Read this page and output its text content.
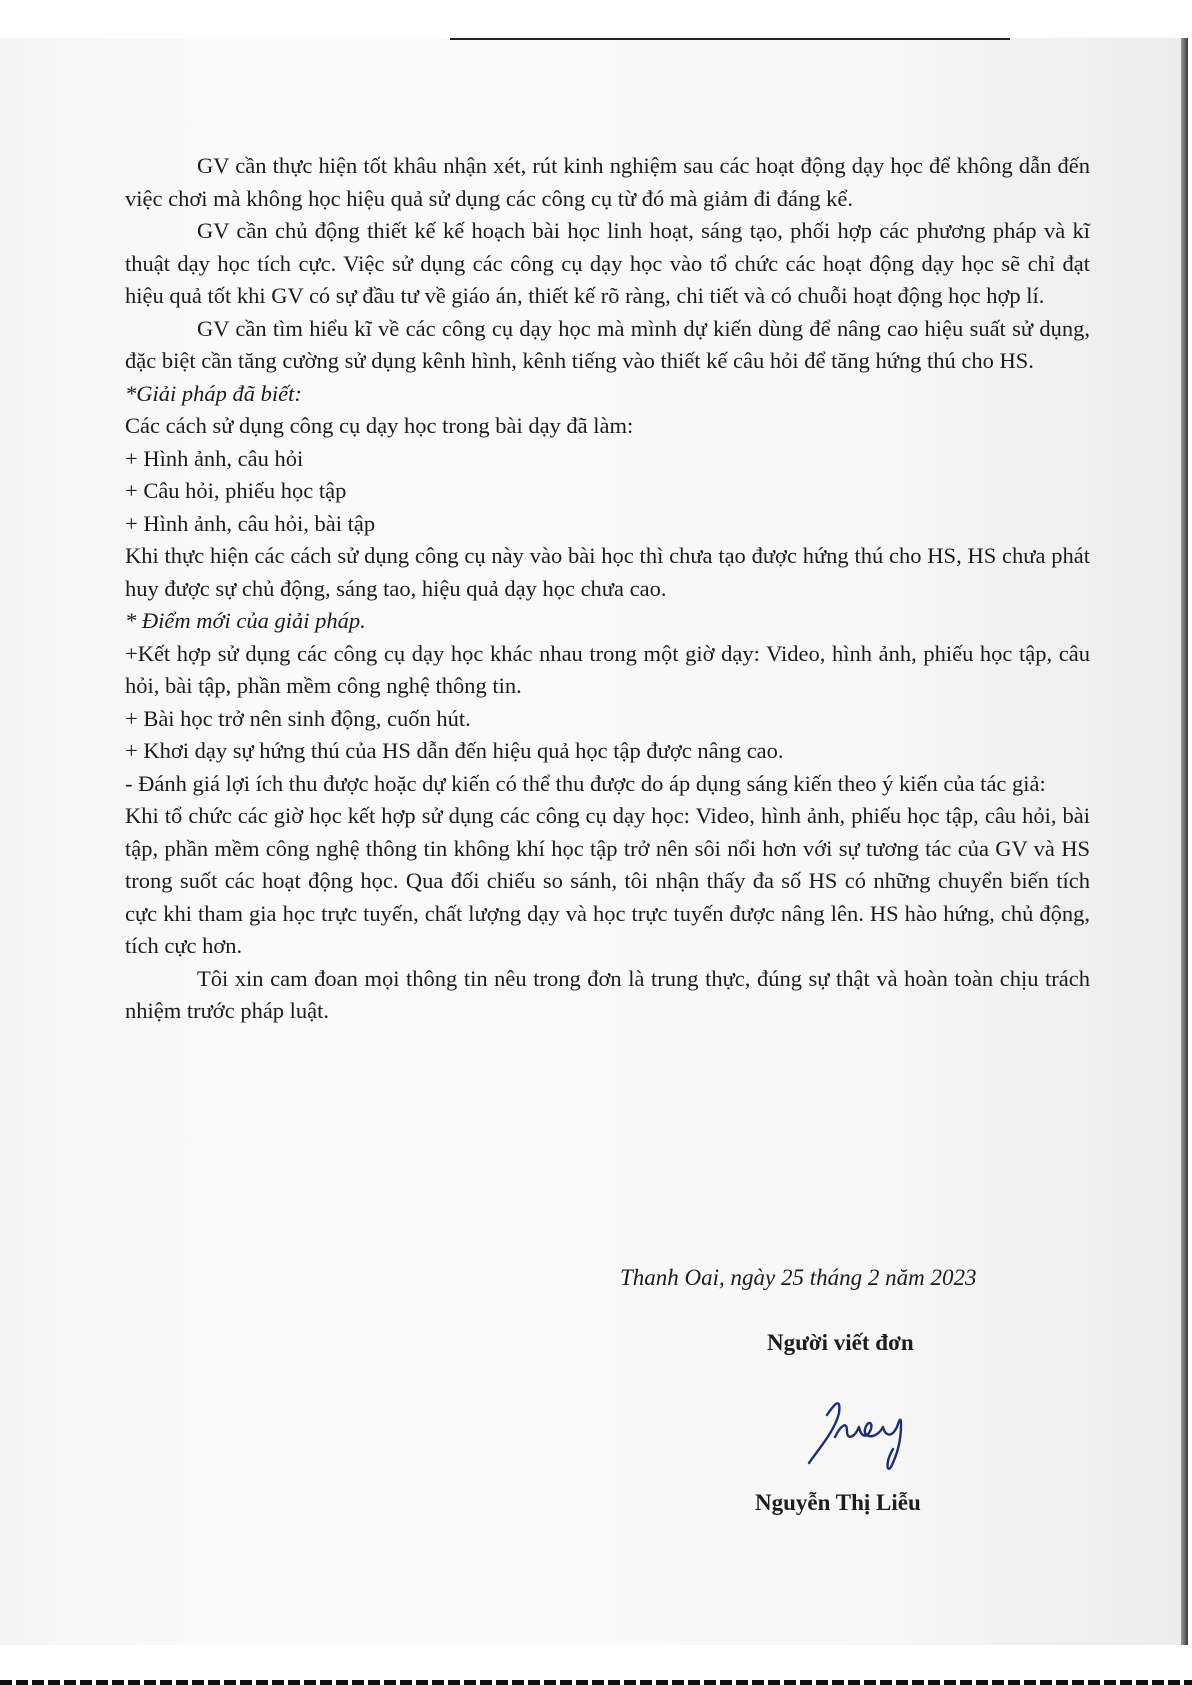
GV cần thực hiện tốt khâu nhận xét, rút kinh nghiệm sau các hoạt động dạy học để không dẫn đến việc chơi mà không học hiệu quả sử dụng các công cụ từ đó mà giảm đi đáng kể.

GV cần chủ động thiết kế kế hoạch bài học linh hoạt, sáng tạo, phối hợp các phương pháp và kĩ thuật dạy học tích cực. Việc sử dụng các công cụ dạy học vào tổ chức các hoạt động dạy học sẽ chỉ đạt hiệu quả tốt khi GV có sự đầu tư về giáo án, thiết kế rõ ràng, chi tiết và có chuỗi hoạt động học hợp lí.

GV cần tìm hiểu kĩ về các công cụ dạy học mà mình dự kiến dùng để nâng cao hiệu suất sử dụng, đặc biệt cần tăng cường sử dụng kênh hình, kênh tiếng vào thiết kế câu hỏi để tăng hứng thú cho HS.

*Giải pháp đã biết:

Các cách sử dụng công cụ dạy học trong bài dạy đã làm:

+ Hình ảnh, câu hỏi

+ Câu hỏi, phiếu học tập

+ Hình ảnh, câu hỏi, bài tập

Khi thực hiện các cách sử dụng công cụ này vào bài học thì chưa tạo được hứng thú cho HS, HS chưa phát huy được sự chủ động, sáng tao, hiệu quả dạy học chưa cao.

* Điểm mới của giải pháp.

+Kết hợp sử dụng các công cụ dạy học khác nhau trong một giờ dạy: Video, hình ảnh, phiếu học tập, câu hỏi, bài tập, phần mềm công nghệ thông tin.

+ Bài học trở nên sinh động, cuốn hút.

+ Khơi dạy sự hứng thú của HS dẫn đến hiệu quả học tập được nâng cao.

- Đánh giá lợi ích thu được hoặc dự kiến có thể thu được do áp dụng sáng kiến theo ý kiến của tác giả:

Khi tổ chức các giờ học kết hợp sử dụng các công cụ dạy học: Video, hình ảnh, phiếu học tập, câu hỏi, bài tập, phần mềm công nghệ thông tin không khí học tập trở nên sôi nổi hơn với sự tương tác của GV và HS trong suốt các hoạt động học. Qua đối chiếu so sánh, tôi nhận thấy đa số HS có những chuyển biến tích cực khi tham gia học trực tuyến, chất lượng dạy và học trực tuyến được nâng lên. HS hào hứng, chủ động, tích cực hơn.

Tôi xin cam đoan mọi thông tin nêu trong đơn là trung thực, đúng sự thật và hoàn toàn chịu trách nhiệm trước pháp luật.

Thanh Oai, ngày 25 tháng 2 năm 2023
Người viết đơn
Nguyễn Thị Liễu
